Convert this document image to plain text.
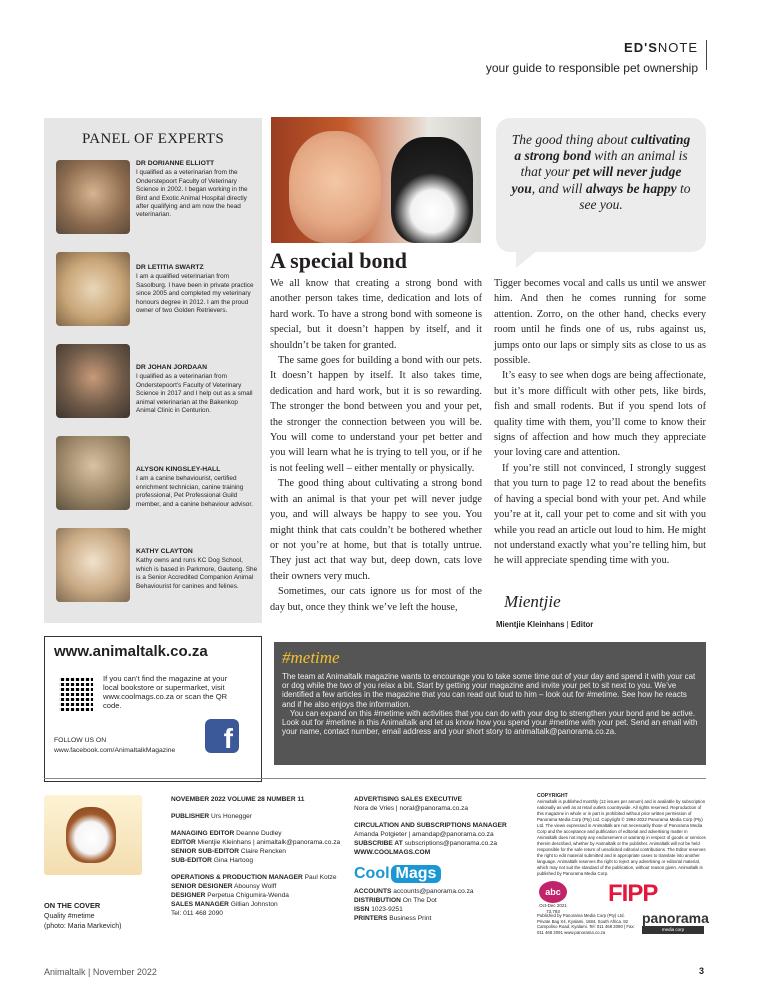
ED'SNOTE
your guide to responsible pet ownership
PANEL OF EXPERTS
DR DORIANNE ELLIOTT
I qualified as a veterinarian from the Onderstepoort Faculty of Veterinary Science in 2002. I began working in the Bird and Exotic Animal Hospital directly after qualifying and am now the head veterinarian.
DR LETITIA SWARTZ
I am a qualified veterinarian from Sasolburg. I have been in private practice since 2005 and completed my veterinary honours degree in 2012. I am the proud owner of two Golden Retrievers.
DR JOHAN JORDAAN
I qualified as a veterinarian from Onderstepoort's Faculty of Veterinary Science in 2017 and I help out as a small animal veterinarian at the Bakenkop Animal Clinic in Centurion.
ALYSON KINGSLEY-HALL
I am a canine behaviourist, certified enrichment technician, canine training professional, Pet Professional Guild member, and a canine behaviour advisor.
KATHY CLAYTON
Kathy owns and runs KC Dog School, which is based in Parkmore, Gauteng. She is a Senior Accredited Companion Animal Behaviourist for canines and felines.

The good thing about cultivating a strong bond with an animal is that your pet will never judge you, and will always be happy to see you.

A special bond

We all know that creating a strong bond with another person takes time, dedication and lots of hard work. To have a strong bond with someone is special, but it doesn’t happen by itself, and it shouldn’t be taken for granted.

The same goes for building a bond with our pets. It doesn’t happen by itself. It also takes time, dedication and hard work, but it is so rewarding. The stronger the bond between you and your pet, the stronger the connection between you will be. You will come to understand your pet better and you will learn what he is trying to tell you, or if he is not feeling well – either mentally or physically.

The good thing about cultivating a strong bond with an animal is that your pet will never judge you, and will always be happy to see you. You might think that cats couldn’t be bothered whether or not you’re at home, but that is totally untrue. They just act that way but, deep down, cats love their owners very much.

Sometimes, our cats ignore us for most of the day but, once they think we’ve left the house,

Tigger becomes vocal and calls us until we answer him. And then he comes running for some attention. Zorro, on the other hand, checks every room until he finds one of us, rubs against us, jumps onto our laps or simply sits as close to us as possible.

It’s easy to see when dogs are being affectionate, but it’s more difficult with other pets, like birds, fish and small rodents. But if you spend lots of quality time with them, you’ll come to know their signs of affection and how much they appreciate your loving care and attention.

If you’re still not convinced, I strongly suggest that you turn to page 12 to read about the benefits of having a special bond with your pet. And while you’re at it, call your pet to come and sit with you while you read an article out loud to him. He might not understand exactly what you’re telling him, but he will appreciate spending time with you.

Mientjie
Mientjie Kleinhans | Editor
www.animaltalk.co.za
If you can’t find the magazine at your local bookstore or supermarket, visit www.coolmags.co.za or scan the QR code.
FOLLOW US ON
www.facebook.com/AnimaltalkMagazine	f
#metime

The team at Animaltalk magazine wants to encourage you to take some time out of your day and spend it with your cat or dog while the two of you relax a bit. Start by getting your magazine and invite your pet to sit next to you. We’ve identified a few articles in the magazine that you can read out loud to him – look out for #metime. See how he reacts and if he also enjoys the information.

You can expand on this #metime with activities that you can do with your dog to strengthen your bond and be active. Look out for #metime in this Animaltalk and let us know how you spend your #metime with your pet. Send an email with your name, contact number, email address and your short story to animaltalk@panorama.co.za.

ON THE COVER
Quality #metime
(photo: Maria Markevich)
NOVEMBER 2022 VOLUME 28 NUMBER 11
PUBLISHER Urs Honegger
MANAGING EDITOR Deanne Dudley
EDITOR Mientjie Kleinhans | animaltalk@panorama.co.za
SENIOR SUB-EDITOR Claire Rencken
SUB-EDITOR Gina Hartoog
OPERATIONS & PRODUCTION MANAGER Paul Kotze
SENIOR DESIGNER Abounsy Wolff
DESIGNER Perpetua Chigumira-Wenda
SALES MANAGER Gillian Johnston
Tel: 011 468 2090
ADVERTISING SALES EXECUTIVE
Nora de Vries | noral@panorama.co.za
CIRCULATION AND SUBSCRIPTIONS MANAGER
Amanda Potgieter | amandap@panorama.co.za
SUBSCRIBE AT subscriptions@panorama.co.za
WWW.COOLMAGS.COM
ACCOUNTS accounts@panorama.co.za
DISTRIBUTION On The Dot
ISSN 1023-9251
PRINTERS Business Print
Cool Mags
COPYRIGHT
Animaltalk is published monthly (12 issues per annum) and is available by subscription nationally as well as at retail outlets countrywide. All rights reserved. Reproduction of this magazine in whole or in part is prohibited without prior written permission of Panorama Media Corp (Pty) Ltd. Copyright © 1994-2022 Panorama Media Corp (Pty) Ltd. The views expressed in Animaltalk are not necessarily those of Panorama Media Corp and the acceptance and publication of editorial and advertising matter in Animaltalk does not imply any endorsement or warranty in respect of goods or services therein described, whether by Animaltalk or the publisher. Animaltalk will not be held responsible for the safe return of unsolicited editorial contributions. The Editor reserves the right to edit material submitted and in appropriate cases to translate into another language. Animaltalk reserves the right to reject any advertising or editorial material, which may not suit the standard of the publication, without reason given. Animaltalk is published by Panorama Media Corp.
abc
Oct-Dec 2021 73,793
FIPP
Published by Panorama Media Corp (Pty) Ltd. Private Bag X4, Kyalami, 1684, South Africa. 92 Campolino Road, Kyalami. Tel: 011 468 2090 | Fax: 011 468 2091 www.panorama.co.za
panorama
media corp
Animaltalk | November 2022	3
